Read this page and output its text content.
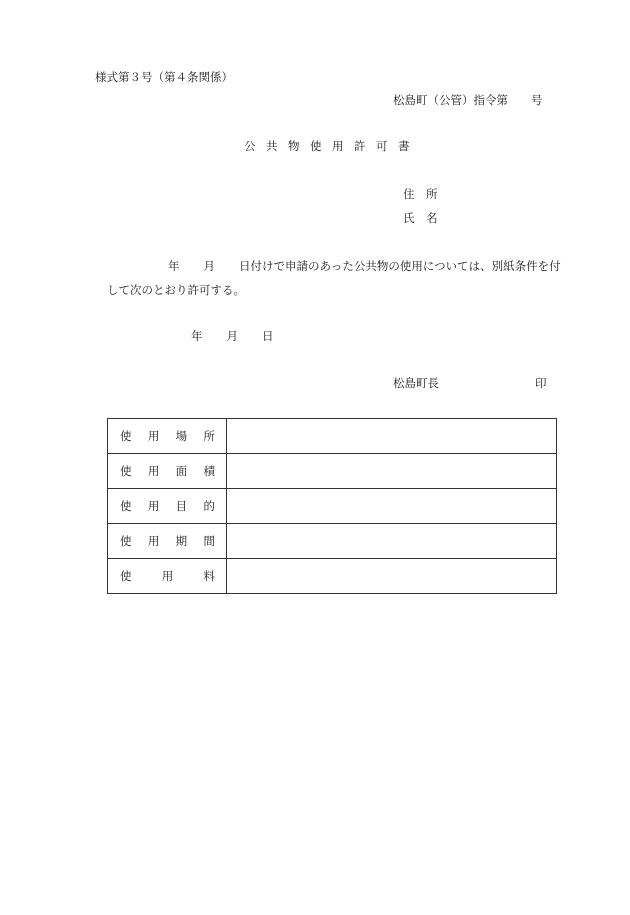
様式第３号（第４条関係）
松島町（公管）指令第　　号
公 共 物 使 用 許 可 書
住　所
氏　名
年 月 日付けで申請のあった公共物の使用については、別紙条件を付
して次のとおり許可する。
年 月 日
松島町長	印
使 用 場 所	

使 用 面 積	

使 用 目 的	

使 用 期 間	

使 用 料	
